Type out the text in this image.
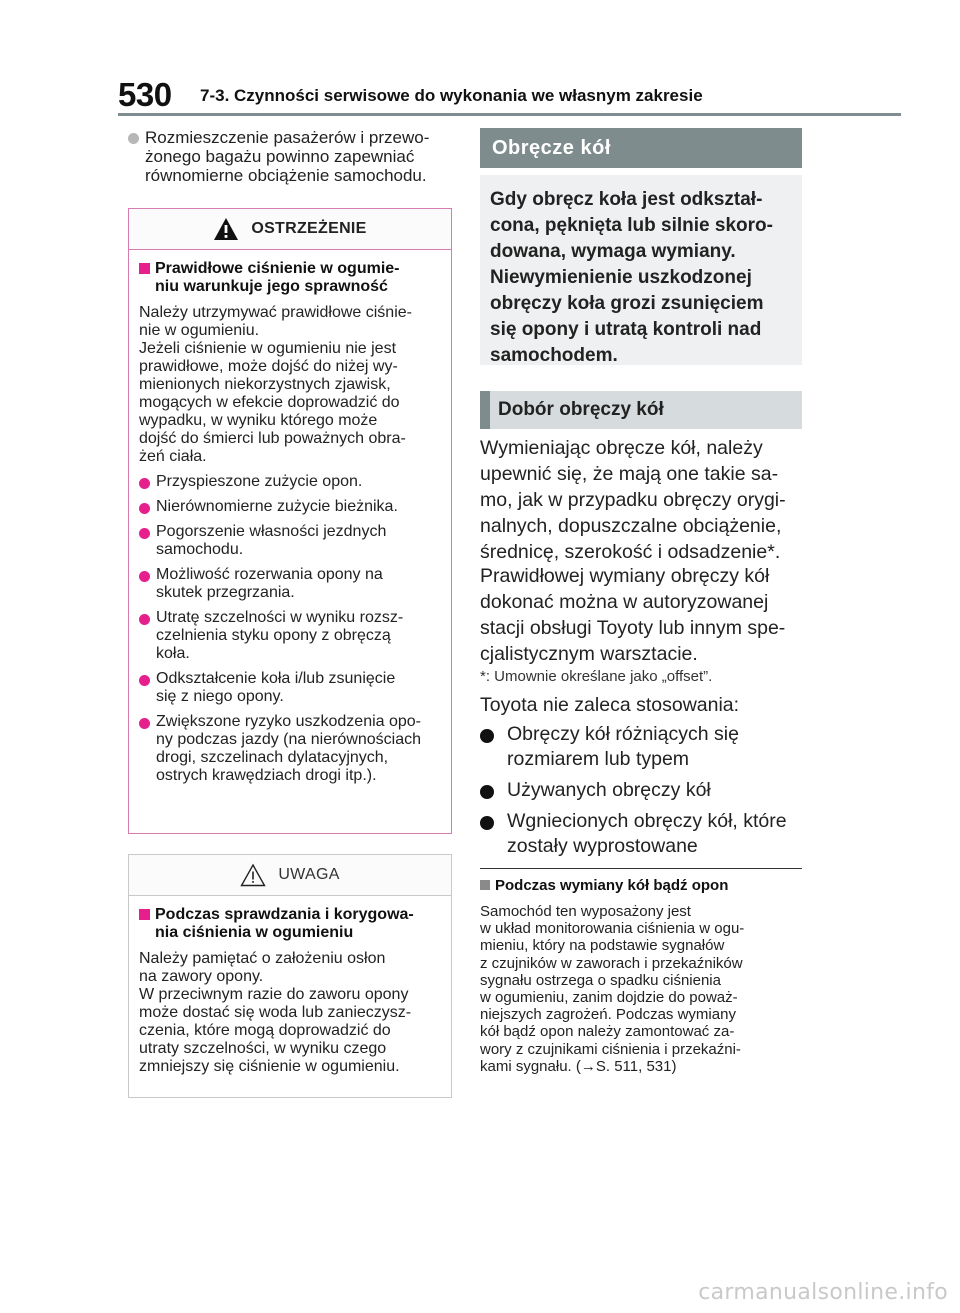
530 7-3. Czynności serwisowe do wykonania we własnym zakresie
Rozmieszczenie pasażerów i przewo-
żonego bagażu powinno zapewniać
równomierne obciążenie samochodu.
OSTRZEŻENIE
Prawidłowe ciśnienie w ogumie-
niu warunkuje jego sprawność
Należy utrzymywać prawidłowe ciśnie-
nie w ogumieniu.
Jeżeli ciśnienie w ogumieniu nie jest
prawidłowe, może dojść do niżej wy-
mienionych niekorzystnych zjawisk,
mogących w efekcie doprowadzić do
wypadku, w wyniku którego może
dojść do śmierci lub poważnych obra-
żeń ciała.
Przyspieszone zużycie opon.
Nierównomierne zużycie bieżnika.
Pogorszenie własności jezdnych
samochodu.
Możliwość rozerwania opony na
skutek przegrzania.
Utratę szczelności w wyniku rozsz-
czelnienia styku opony z obręczą
koła.
Odkształcenie koła i/lub zsunięcie
się z niego opony.
Zwiększone ryzyko uszkodzenia opo-
ny podczas jazdy (na nierównościach
drogi, szczelinach dylatacyjnych,
ostrych krawędziach drogi itp.).
UWAGA
Podczas sprawdzania i korygowa-
nia ciśnienia w ogumieniu
Należy pamiętać o założeniu osłon
na zawory opony.
W przeciwnym razie do zaworu opony
może dostać się woda lub zanieczysz-
czenia, które mogą doprowadzić do
utraty szczelności, w wyniku czego
zmniejszy się ciśnienie w ogumieniu.
Obręcze kół
Gdy obręcz koła jest odkształ-
cona, pęknięta lub silnie skoro-
dowana, wymaga wymiany.
Niewymienienie uszkodzonej
obręczy koła grozi zsunięciem
się opony i utratą kontroli nad
samochodem.
Dobór obręczy kół
Wymieniając obręcze kół, należy
upewnić się, że mają one takie sa-
mo, jak w przypadku obręczy orygi-
nalnych, dopuszczalne obciążenie,
średnicę, szerokość i odsadzenie*.
Prawidłowej wymiany obręczy kół
dokonać można w autoryzowanej
stacji obsługi Toyoty lub innym spe-
cjalistycznym warsztacie.
*: Umownie określane jako „offset”.
Toyota nie zaleca stosowania:
Obręczy kół różniących się
rozmiarem lub typem
Używanych obręczy kół
Wgniecionych obręczy kół, które
zostały wyprostowane
Podczas wymiany kół bądź opon
Samochód ten wyposażony jest
w układ monitorowania ciśnienia w ogu-
mieniu, który na podstawie sygnałów
z czujników w zaworach i przekaźników
sygnału ostrzega o spadku ciśnienia
w ogumieniu, zanim dojdzie do poważ-
niejszych zagrożeń. Podczas wymiany
kół bądź opon należy zamontować za-
wory z czujnikami ciśnienia i przekaźni-
kami sygnału. (→S. 511, 531)
carmanualsonline.info
